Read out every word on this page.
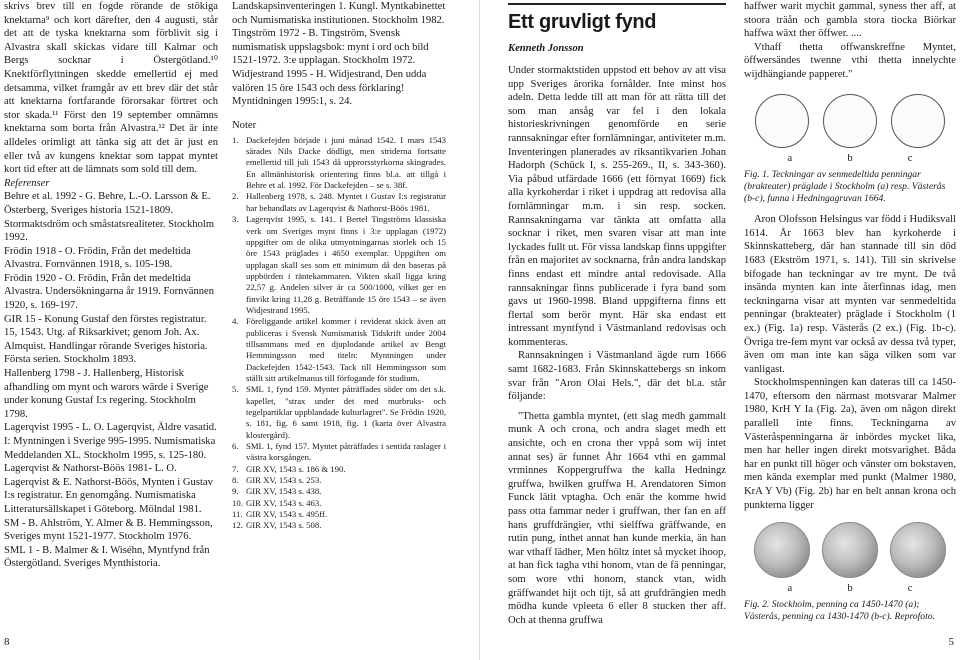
skrivs brev till en fogde rörande de stökiga knektarna⁹ och kort därefter, den 4 augusti, står det att de tyska knektarna som förblivit sig i Alvastra skall skickas vidare till Kalmar och Bergs socknar i Östergötland.¹⁰ Knektförflyttningen skedde emellertid ej med detsamma, vilket framgår av ett brev där det står att knektarna fortfarande förorsakar förtret och stor skada.¹¹ Först den 19 september omnämns knektarna som borta från Alvastra.¹² Det är inte alldeles orimligt att tänka sig att det är just en eller två av kungens knektar som tappat myntet kort tid efter att de lämnats som sold till dem.

Referenser
Behre et al. 1992 - G. Behre, L.-O. Larsson & E. Österberg, Sveriges historia 1521-1809. Stormaktsdröm och småstatsrealiteter. Stockholm 1992.
Frödin 1918 - O. Frödin, Från det medeltida Alvastra. Fornvännen 1918, s. 105-198.
Frödin 1920 - O. Frödin, Från det medeltida Alvastra. Undersökningarna år 1919. Fornvännen 1920, s. 169-197.
GIR 15 - Konung Gustaf den förstes registratur. 15, 1543. Utg. af Riksarkivet; genom Joh. Ax. Almquist. Handlingar rörande Sveriges historia. Första serien. Stockholm 1893.
Hallenberg 1798 - J. Hallenberg, Historisk afhandling om mynt och warors wärde i Sverige under konung Gustaf I:s regering. Stockholm 1798.
Lagerqvist 1995 - L. O. Lagerqvist, Äldre vasatid. I: Myntningen i Sverige 995-1995. Numismatiska Meddelanden XL. Stockholm 1995, s. 125-180.
Lagerqvist & Nathorst-Böös 1981- L. O. Lagerqvist & E. Nathorst-Böös, Mynten i Gustav I:s registratur. En genomgång. Numismatiska Litteratursällskapet i Göteborg. Mölndal 1981.
SM - B. Ahlström, Y. Almer & B. Hemmingsson, Sveriges mynt 1521-1977. Stockholm 1976.
SML 1 - B. Malmer & I. Wiséhn, Myntfynd från Östergötland. Sveriges Mynthistoria.
Landskapsinventeringen 1. Kungl. Myntkabinettet och Numismatiska institutionen. Stockholm 1982.
Tingström 1972 - B. Tingström, Svensk numismatisk uppslagsbok: mynt i ord och bild 1521-1972. 3:e upplagan. Stockholm 1972.
Widjestrand 1995 - H. Widjestrand, Den udda valören 15 öre 1543 och dess förklaring! Myntidningen 1995:1, s. 24.
Noter
1. Dackefejden började i juni månad 1542. I mars 1543 särades Nils Dacke dödligt, men striderna fortsatte emellertid till juli 1543 då upprorsstyrkorna skingrades. En allmänhistorisk orientering finns bl.a. att tillgå i Behre et al. 1992. För Dackefejden – se s. 38f.
2. Hallenberg 1978, s. 248. Myntet i Gustav I:s registratur har behandlats av Lagerqvist & Nathorst-Böös 1981.
3. Lagerqvist 1995, s. 141. I Bertel Tingströms klassiska verk om Sveriges mynt finns i 3:e upplagan (1972) uppgifter om de olika utmyntningarnas storlek och 15 öre 1543 präglades i 4650 exemplar. Uppgiften om upplagan skall ses som ett minimum då den baseras på uppbörden i räntekammaren. Vikten skall ligga kring 22,57 g. Andelen silver är ca 500/1000, vilket ger en finvikt kring 11,28 g. Beträffande 15 öre 1543 – se även Widjestrand 1995.
4. Föreliggande artikel kommer i reviderat skick även att publiceras i Svensk Numismatisk Tidskrift under 2004 tillsammans med en djuplodande artikel av Bengt Hemmingsson med titeln: Myntningen under Dackefejden 1542-1543. Tack till Hemmingsson som ställt sitt artikelmanus till förfogande för studium.
5. SML 1, fynd 159. Myntet påträffades söder om det s.k. kapellet, "strax under det med murbruks- och tegelpartiklar uppblandade kulturlagret". Se Frödin 1920, s. 181, fig. 6 samt 1918, fig. 1 (karta över Alvastra klostergård).
6. SML 1, fynd 157. Myntet påträffades i sentida raslager i västra korsgången.
7. GIR XV, 1543 s. 186 & 190.
8. GIR XV, 1543 s. 253.
9. GIR XV, 1543 s. 438.
10. GIR XV, 1543 s. 463.
11. GIR XV, 1543 s. 495ff.
12. GIR XV, 1543 s. 508.
Ett gruvligt fynd
Kenneth Jonsson

Under stormaktstiden uppstod ett behov av att visa upp Sveriges ärorika fornålder. Inte minst hos adeln. Detta ledde till att man för att rätta till det som man ansåg var fel i den lokala historieskrivningen genomförde en serie rannsakningar efter fornlämningar, antiviteter m.m. Inventeringen planerades av riksantikvarien Johan Hadorph (Schück I, s. 255-269., II, s. 343-360). Via påbud utfärdade 1666 (ett förnyat 1669) fick alla kyrkoherdar i riket i uppdrag att redovisa alla fornlämningar m.m. i sin resp. socken. Rannsakningarna var tänkta att omfatta alla socknar i riket, men svaren visar att man inte lyckades fullt ut. För vissa landskap finns uppgifter från en majoritet av socknarna, från andra landskap finns endast ett mindre antal redovisade. Alla rannsakningar finns publicerade i fyra band som gavs ut 1960-1998. Bland uppgifterna finns ett flertal som berör mynt. Här ska endast ett intressant myntfynd i Västmanland redovisas och kommenteras.

Rannsakningen i Västmanland ägde rum 1666 samt 1682-1683. Från Skinnskattebergs sn inkom svar från "Aron Olai Hels.", där det bl.a. står följande:

"Thetta gambla myntet, (ett slag medh gammalt munk A och crona, och andra slaget medh ett ansichte, och en crona ther vppå som wij intet annat ses) är funnet Åhr 1664 vthi en gammal vrminnes Koppergruffwa the kalla Hedningz gruffwa, hwilken gruffwa H. Arendatoren Simon Funck lätit vptagha. Och enär the komme hwid pass otta fammar neder i gruffwan, ther fan en aff hans gruffdrängier, vthi sielffwa gräffwande, en rutin pung, inthet annat han kunde merkia, än han war vthaff lädher, Men höltz intet så mycket ihoop, at han fick tagha vthi honom, vtan de fä penningar, som wore vthi honom, stanck vtan, widh gräffwandet hijt och tijt, så att grufdrängien medh mödha kunde vpleeta 6 eller 8 stucken ther aff. Och at thenna gruffwa

haffwer warit mychit gammal, syness ther aff, at stoora träån och gambla stora tiocka Biörkar haffwa wäxt ther öffwer. ....

Vthaff thetta offwanskreffne Myntet, öffwersändes twenne vthi thetta innelychte wijdhängiande papperet."

a	b	c
Fig. 1. Teckningar av senmedeltida penningar (brakteater) präglade i Stockholm (a) resp. Västerås (b-c), funna i Hedningagruvan 1664.

Aron Olofsson Helsingus var född i Hudiksvall 1614. År 1663 blev han kyrkoherde i Skinnskatteberg, där han stannade till sin död 1683 (Ekström 1971, s. 141). Till sin skrivelse bifogade han teckningar av tre mynt. De två insända mynten kan inte återfinnas idag, men teckningarna visar att mynten var senmedeltida penningar (brakteater) präglade i Stockholm (1 ex.) (Fig. 1a) resp. Västerås (2 ex.) (Fig. 1b-c). Övriga tre-fem mynt var också av dessa två typer, även om man inte kan säga vilken som var vanligast.

Stockholmspenningen kan dateras till ca 1450-1470, eftersom den närmast motsvarar Malmer 1980, KrH Y Ia (Fig. 2a), även om någon direkt parallell inte finns. Teckningarna av Västeråspenningarna är inbördes mycket lika, men har heller ingen direkt motsvarighet. Båda har en punkt till höger och vänster om bokstaven, men kända exemplar med punkt (Malmer 1980, KrA Y Vb) (Fig. 2b) har en helt annan krona och punkterna ligger

a	b	c
Fig. 2. Stockholm, penning ca 1450-1470 (a); Västerås, penning ca 1430-1470 (b-c). Reprofoto.
8	5
